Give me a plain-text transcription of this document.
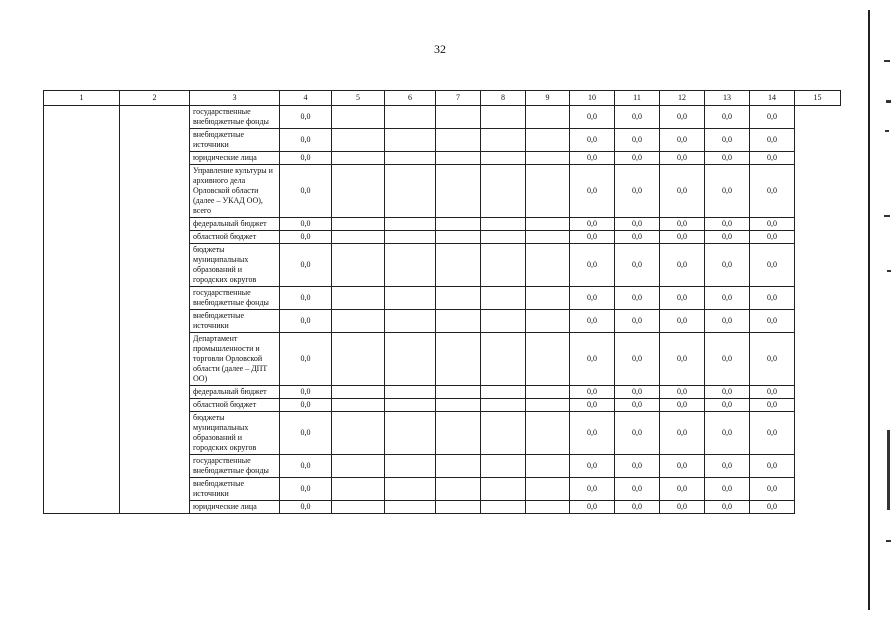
32
1	2	3	4	5	6	7	8	9	10	11	12	13	14	15
		государственные внебюджетные фонды	0,0						0,0	0,0	0,0	0,0	0,0	
		внебюджетные источники	0,0						0,0	0,0	0,0	0,0	0,0	
		юридические лица	0,0						0,0	0,0	0,0	0,0	0,0	
		Управление культуры и архивного дела Орловской области (далее – УКАД ОО), всего	0,0						0,0	0,0	0,0	0,0	0,0	
		федеральный бюджет	0,0						0,0	0,0	0,0	0,0	0,0	
		областной бюджет	0,0						0,0	0,0	0,0	0,0	0,0	
		бюджеты муниципальных образований и городских округов	0,0						0,0	0,0	0,0	0,0	0,0	
		государственные внебюджетные фонды	0,0						0,0	0,0	0,0	0,0	0,0	
		внебюджетные источники	0,0						0,0	0,0	0,0	0,0	0,0	
		Департамент промышленности и торговли Орловской области (далее – ДПТ ОО)	0,0						0,0	0,0	0,0	0,0	0,0	
		федеральный бюджет	0,0						0,0	0,0	0,0	0,0	0,0	
		областной бюджет	0,0						0,0	0,0	0,0	0,0	0,0	
		бюджеты муниципальных образований и городских округов	0,0						0,0	0,0	0,0	0,0	0,0	
		государственные внебюджетные фонды	0,0						0,0	0,0	0,0	0,0	0,0	
		внебюджетные источники	0,0						0,0	0,0	0,0	0,0	0,0	
		юридические лица	0,0						0,0	0,0	0,0	0,0	0,0	
